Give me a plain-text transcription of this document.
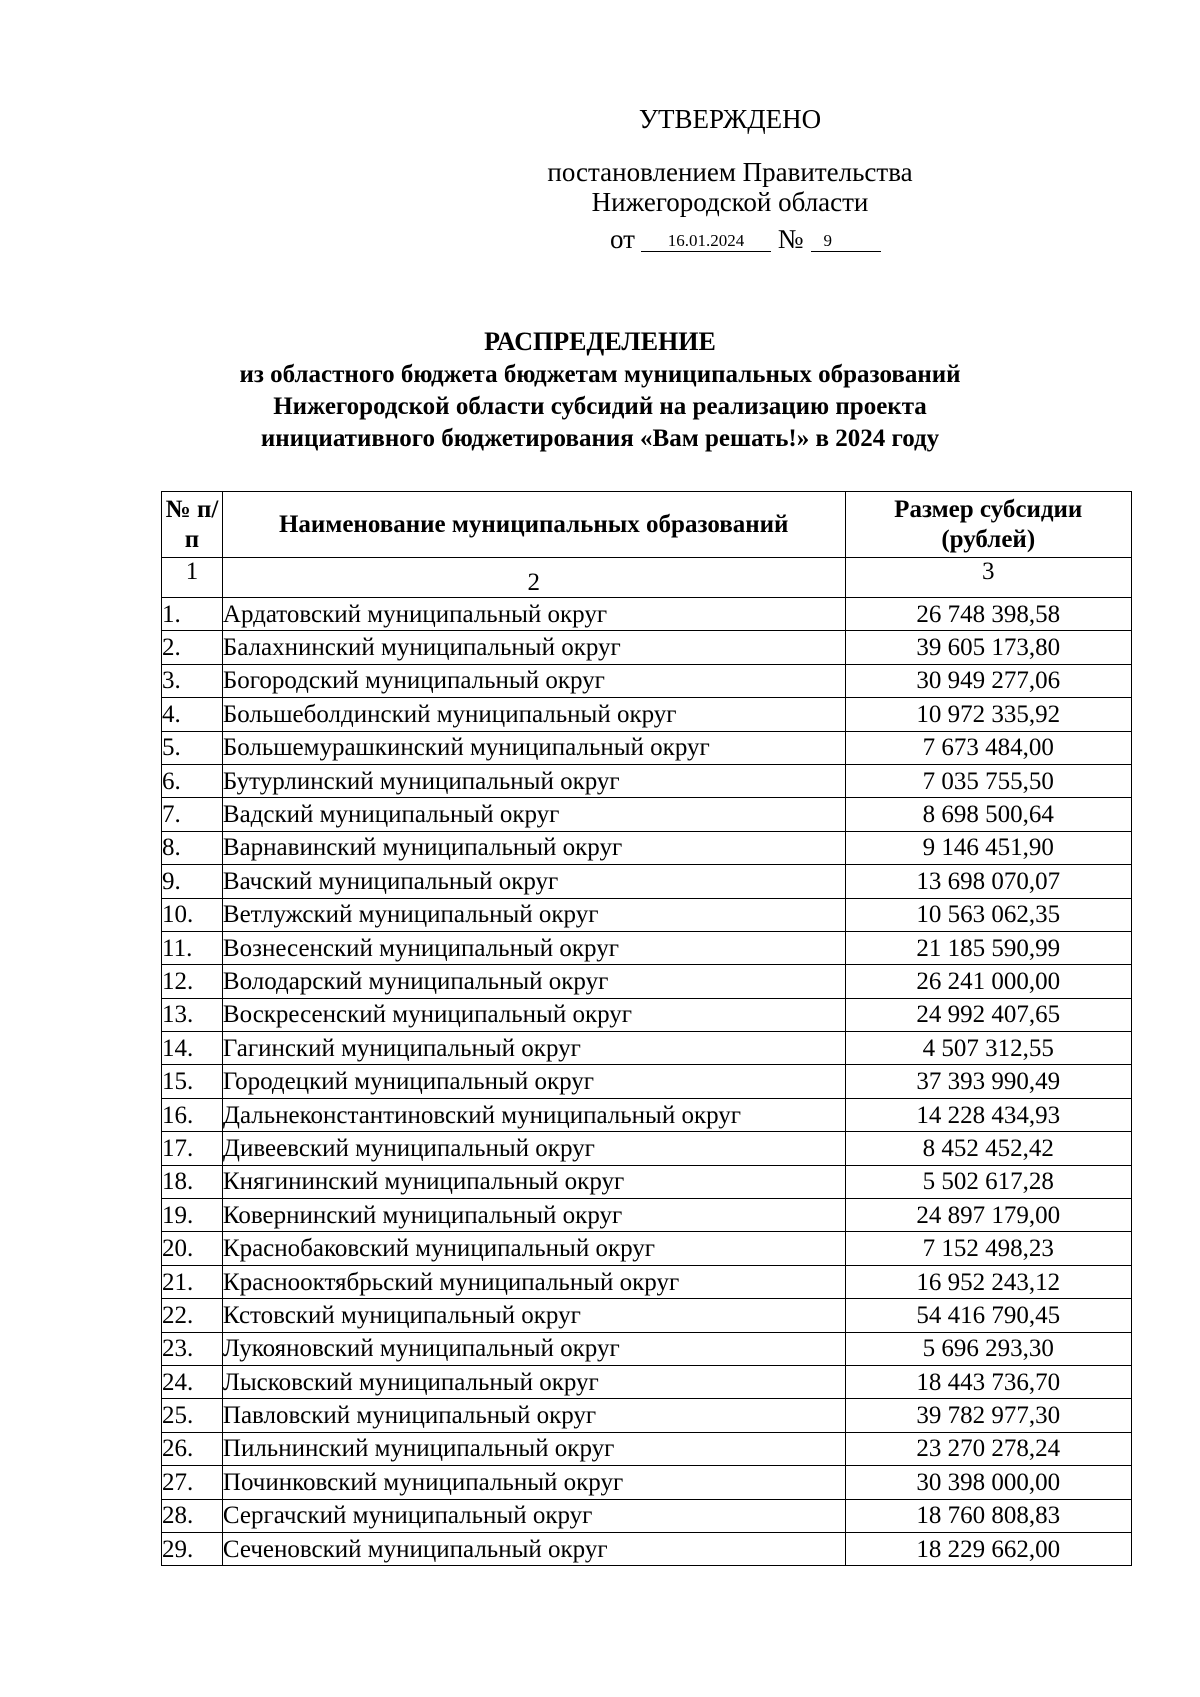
УТВЕРЖДЕНО
постановлением Правительства
Нижегородской области
от 16.01.2024 № 9
РАСПРЕДЕЛЕНИЕ
из областного бюджета бюджетам муниципальных образований
Нижегородской области субсидий на реализацию проекта
инициативного бюджетирования «Вам решать!» в 2024 году
№ п/п	Наименование муниципальных образований	Размер субсидии (рублей)
1	2	3
1.	Ардатовский муниципальный округ	26 748 398,58
2.	Балахнинский муниципальный округ	39 605 173,80
3.	Богородский муниципальный округ	30 949 277,06
4.	Большеболдинский муниципальный округ	10 972 335,92
5.	Большемурашкинский муниципальный округ	7 673 484,00
6.	Бутурлинский муниципальный округ	7 035 755,50
7.	Вадский муниципальный округ	8 698 500,64
8.	Варнавинский муниципальный округ	9 146 451,90
9.	Вачский муниципальный округ	13 698 070,07
10.	Ветлужский муниципальный округ	10 563 062,35
11.	Вознесенский муниципальный округ	21 185 590,99
12.	Володарский муниципальный округ	26 241 000,00
13.	Воскресенский муниципальный округ	24 992 407,65
14.	Гагинский муниципальный округ	4 507 312,55
15.	Городецкий муниципальный округ	37 393 990,49
16.	Дальнеконстантиновский муниципальный округ	14 228 434,93
17.	Дивеевский муниципальный округ	8 452 452,42
18.	Княгининский муниципальный округ	5 502 617,28
19.	Ковернинский муниципальный округ	24 897 179,00
20.	Краснобаковский муниципальный округ	7 152 498,23
21.	Краснооктябрьский муниципальный округ	16 952 243,12
22.	Кстовский муниципальный округ	54 416 790,45
23.	Лукояновский муниципальный округ	5 696 293,30
24.	Лысковский муниципальный округ	18 443 736,70
25.	Павловский муниципальный округ	39 782 977,30
26.	Пильнинский муниципальный округ	23 270 278,24
27.	Починковский муниципальный округ	30 398 000,00
28.	Сергачский муниципальный округ	18 760 808,83
29.	Сеченовский муниципальный округ	18 229 662,00
